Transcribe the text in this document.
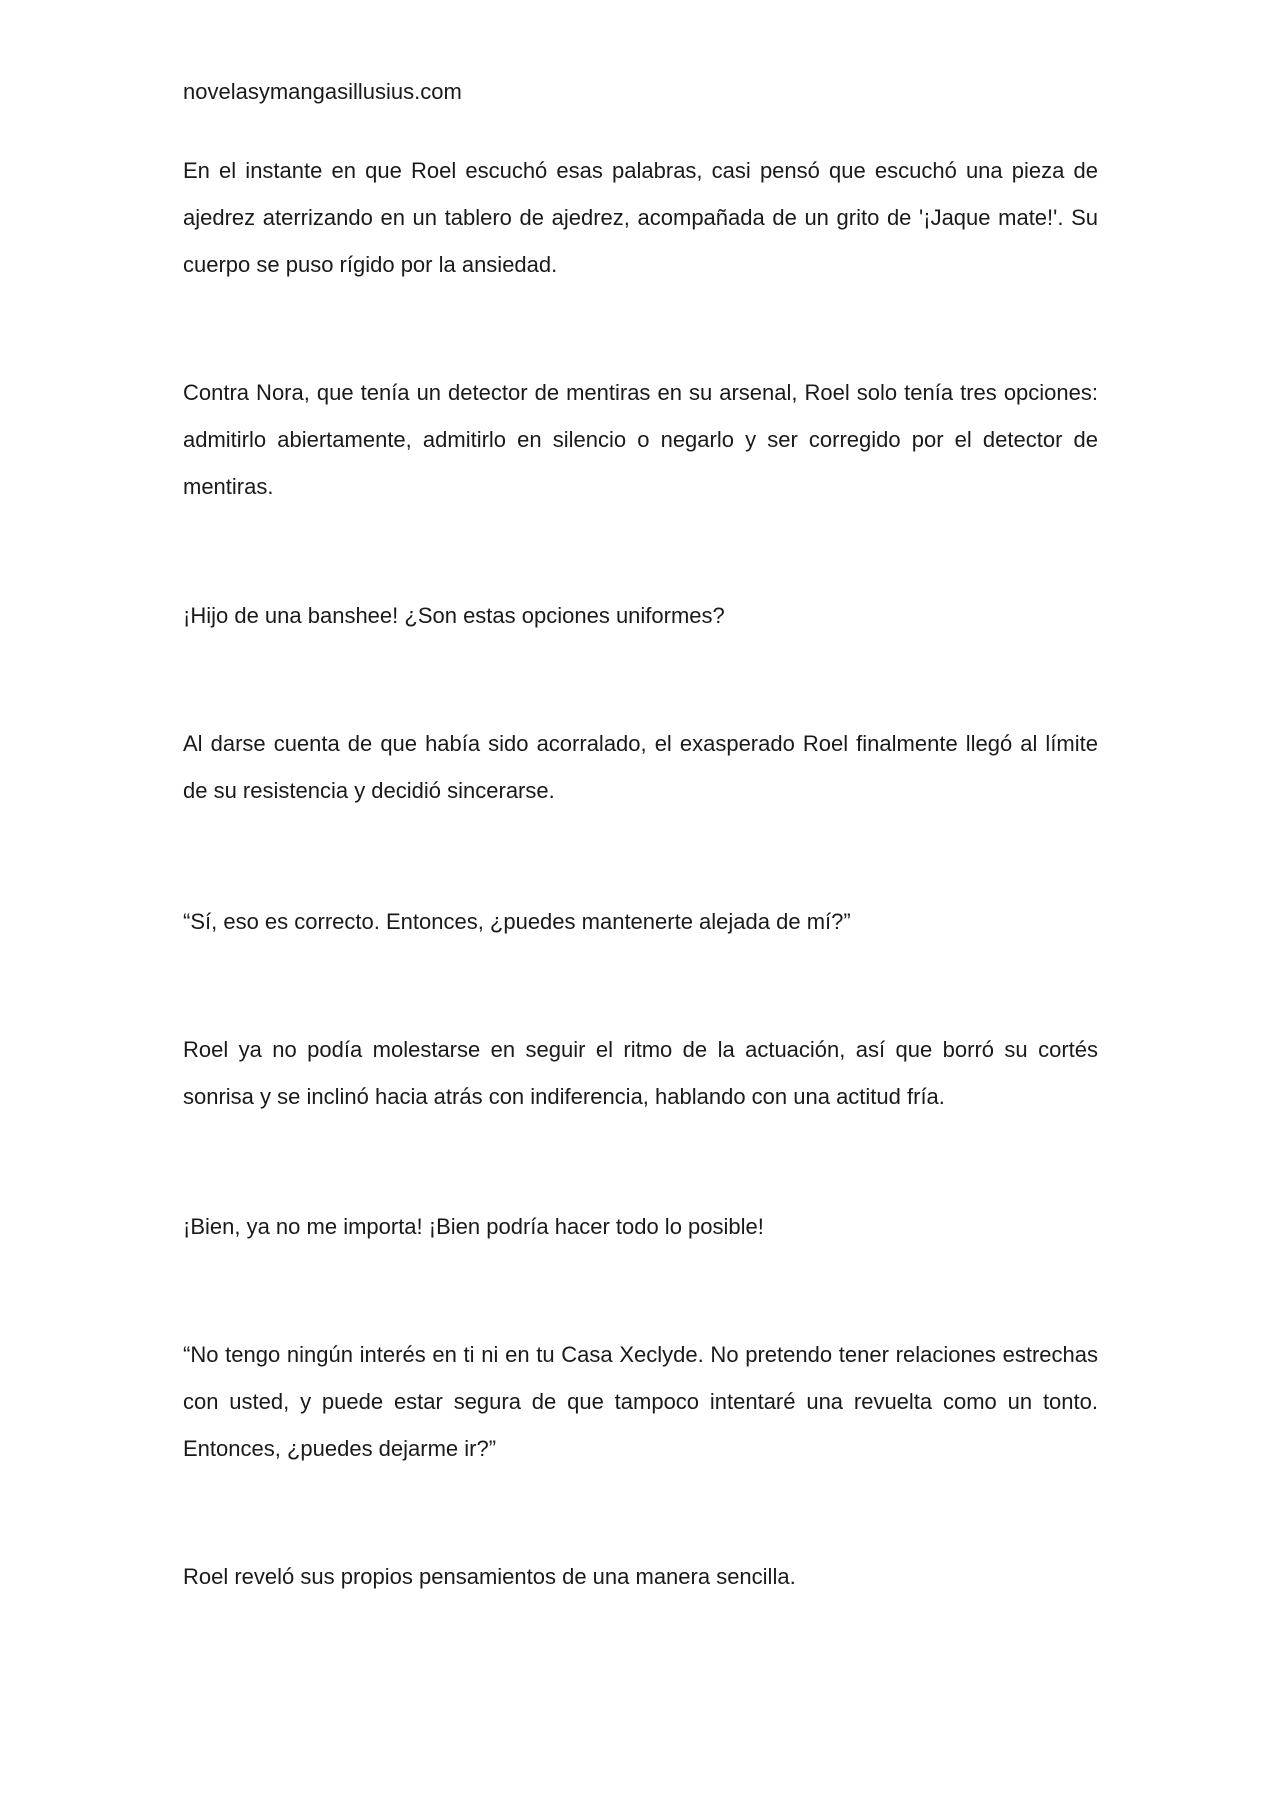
novelasymangasillusius.com

En el instante en que Roel escuchó esas palabras, casi pensó que escuchó una pieza de ajedrez aterrizando en un tablero de ajedrez, acompañada de un grito de '¡Jaque mate!'. Su cuerpo se puso rígido por la ansiedad.

Contra Nora, que tenía un detector de mentiras en su arsenal, Roel solo tenía tres opciones: admitirlo abiertamente, admitirlo en silencio o negarlo y ser corregido por el detector de mentiras.

¡Hijo de una banshee! ¿Son estas opciones uniformes?

Al darse cuenta de que había sido acorralado, el exasperado Roel finalmente llegó al límite de su resistencia y decidió sincerarse.

“Sí, eso es correcto. Entonces, ¿puedes mantenerte alejada de mí?”

Roel ya no podía molestarse en seguir el ritmo de la actuación, así que borró su cortés sonrisa y se inclinó hacia atrás con indiferencia, hablando con una actitud fría.

¡Bien, ya no me importa! ¡Bien podría hacer todo lo posible!

“No tengo ningún interés en ti ni en tu Casa Xeclyde. No pretendo tener relaciones estrechas con usted, y puede estar segura de que tampoco intentaré una revuelta como un tonto. Entonces, ¿puedes dejarme ir?”

Roel reveló sus propios pensamientos de una manera sencilla.
